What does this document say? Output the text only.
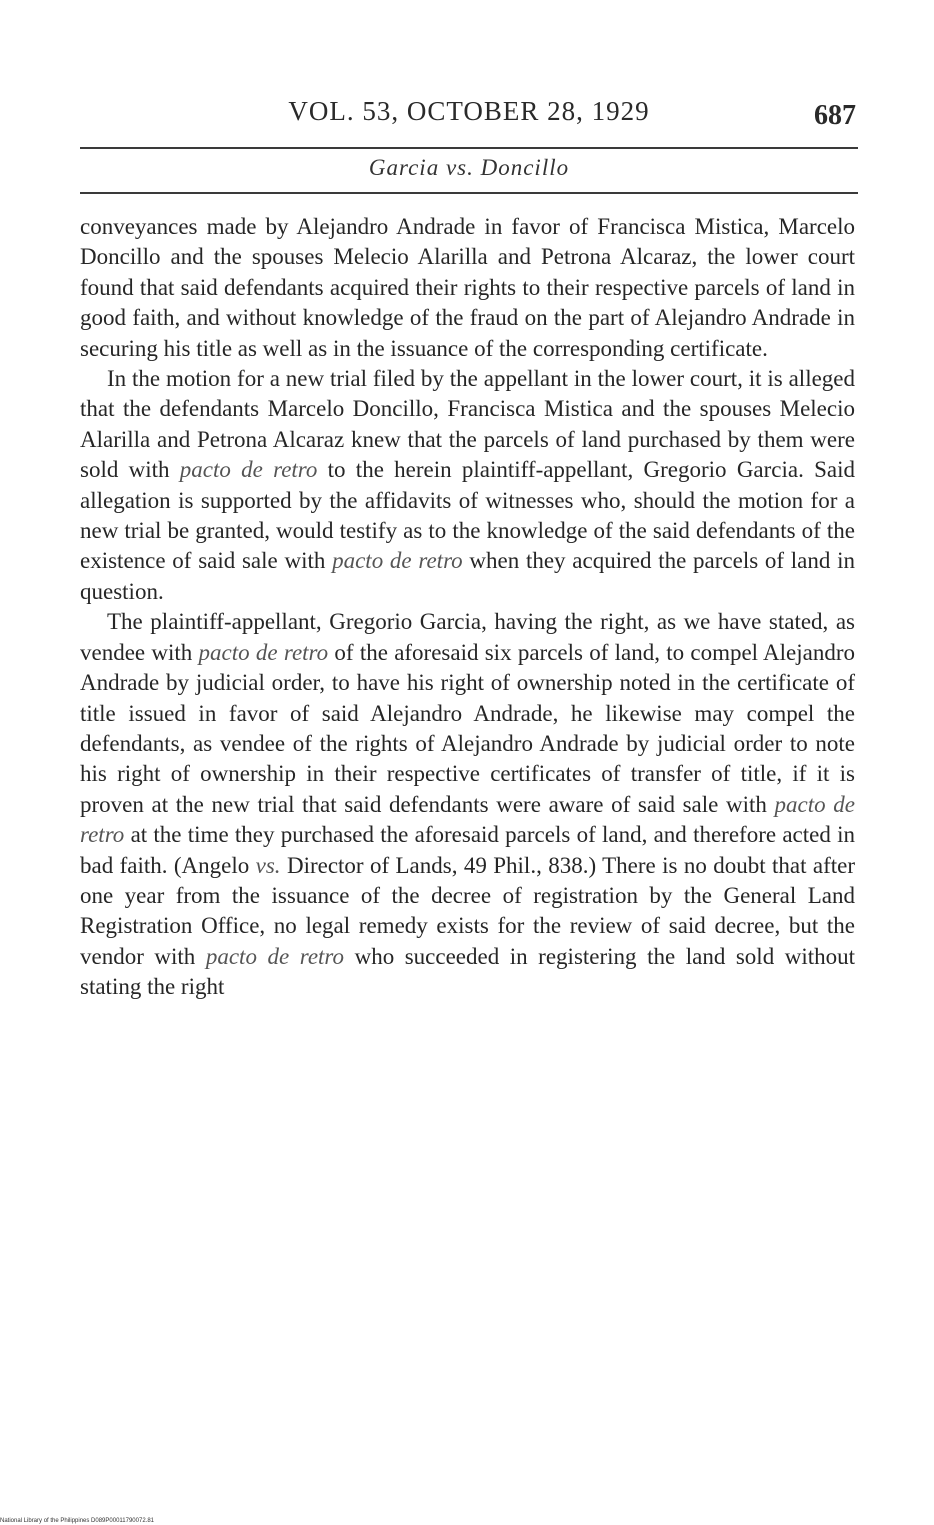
VOL. 53, OCTOBER 28, 1929	687
Garcia vs. Doncillo

conveyances made by Alejandro Andrade in favor of Francisca Mistica, Marcelo Doncillo and the spouses Melecio Alarilla and Petrona Alcaraz, the lower court found that said defendants acquired their rights to their respective parcels of land in good faith, and without knowledge of the fraud on the part of Alejandro Andrade in securing his title as well as in the issuance of the corresponding certificate.

In the motion for a new trial filed by the appellant in the lower court, it is alleged that the defendants Marcelo Doncillo, Francisca Mistica and the spouses Melecio Alarilla and Petrona Alcaraz knew that the parcels of land purchased by them were sold with pacto de retro to the herein plaintiff-appellant, Gregorio Garcia. Said allegation is supported by the affidavits of witnesses who, should the motion for a new trial be granted, would testify as to the knowledge of the said defendants of the existence of said sale with pacto de retro when they acquired the parcels of land in question.

The plaintiff-appellant, Gregorio Garcia, having the right, as we have stated, as vendee with pacto de retro of the aforesaid six parcels of land, to compel Alejandro Andrade by judicial order, to have his right of ownership noted in the certificate of title issued in favor of said Alejandro Andrade, he likewise may compel the defendants, as vendee of the rights of Alejandro Andrade by judicial order to note his right of ownership in their respective certificates of transfer of title, if it is proven at the new trial that said defendants were aware of said sale with pacto de retro at the time they purchased the aforesaid parcels of land, and therefore acted in bad faith. (Angelo vs. Director of Lands, 49 Phil., 838.) There is no doubt that after one year from the issuance of the decree of registration by the General Land Registration Office, no legal remedy exists for the review of said decree, but the vendor with pacto de retro who succeeded in registering the land sold without stating the right

National Library of the Philippines D089P00011790072.81
